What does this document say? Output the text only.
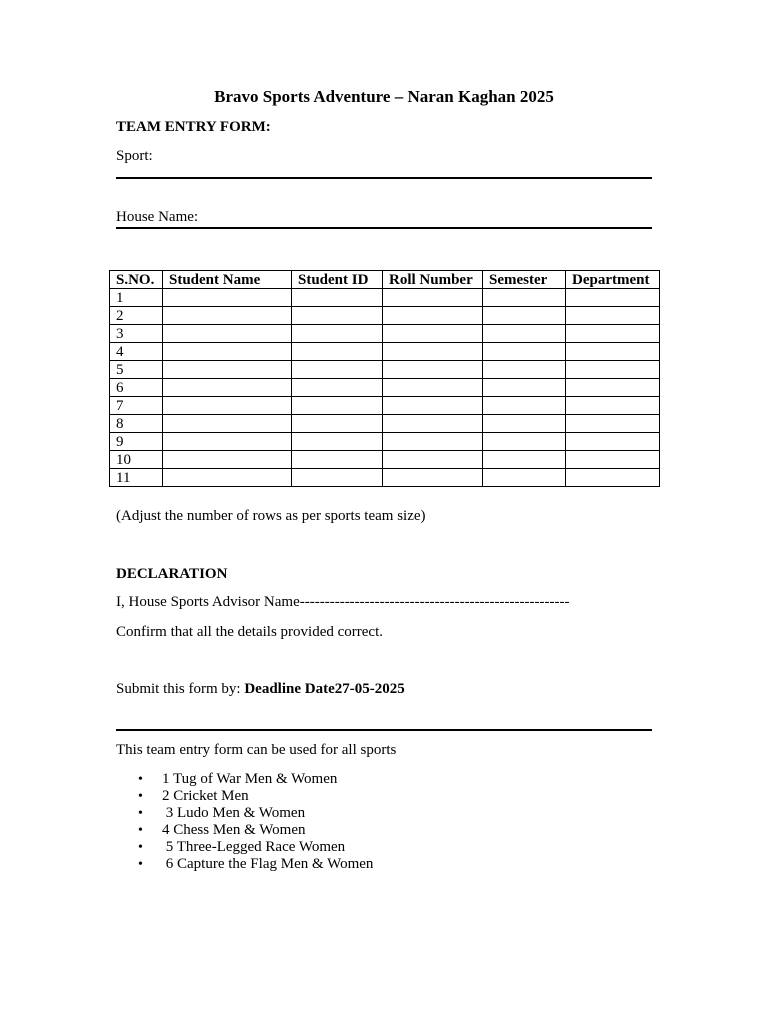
Bravo Sports Adventure – Naran Kaghan 2025
TEAM ENTRY FORM:
Sport:
House Name:
S.NO.	Student Name	Student ID	Roll Number	Semester	Department
1					
2					
3					
4					
5					
6					
7					
8					
9					
10					
11					
(Adjust the number of rows as per sports team size)
DECLARATION
I, House Sports Advisor Name------------------------------------------------------
Confirm that all the details provided correct.
Submit this form by: Deadline Date27-05-2025
This team entry form can be used for all sports
• 1 Tug of War Men & Women
• 2 Cricket Men
• 3 Ludo Men & Women
• 4 Chess Men & Women
• 5 Three-Legged Race Women
• 6 Capture the Flag Men & Women
